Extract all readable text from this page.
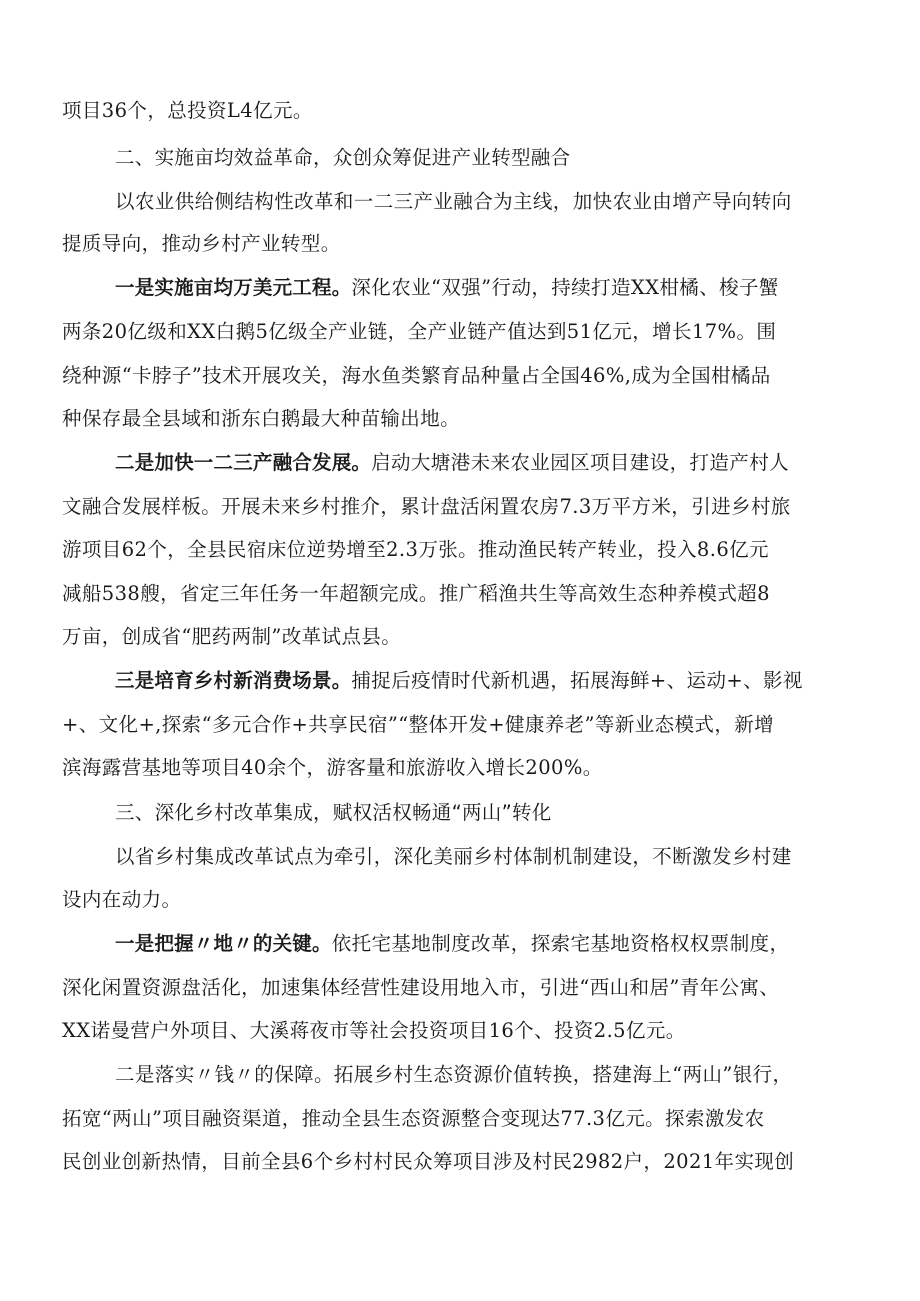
项目36个，总投资L4亿元。
二、实施亩均效益革命，众创众筹促进产业转型融合
以农业供给侧结构性改革和一二三产业融合为主线，加快农业由增产导向转向
提质导向，推动乡村产业转型。
一是实施亩均万美元工程。深化农业“双强”行动，持续打造XX柑橘、梭子蟹
两条20亿级和XX白鹅5亿级全产业链，全产业链产值达到51亿元，增长17%。围
绕种源“卡脖子”技术开展攻关，海水鱼类繁育品种量占全国46%,成为全国柑橘品
种保存最全县域和浙东白鹅最大种苗输出地。
二是加快一二三产融合发展。启动大塘港未来农业园区项目建设，打造产村人
文融合发展样板。开展未来乡村推介，累计盘活闲置农房7.3万平方米，引进乡村旅
游项目62个，全县民宿床位逆势增至2.3万张。推动渔民转产转业，投入8.6亿元
减船538艘，省定三年任务一年超额完成。推广稻渔共生等高效生态种养模式超8
万亩，创成省“肥药两制”改革试点县。
三是培育乡村新消费场景。捕捉后疫情时代新机遇，拓展海鲜+、运动+、影视
+、文化+,探索“多元合作+共享民宿”“整体开发+健康养老”等新业态模式，新增
滨海露营基地等项目40余个，游客量和旅游收入增长200%。
三、深化乡村改革集成，赋权活权畅通“两山”转化
以省乡村集成改革试点为牵引，深化美丽乡村体制机制建设，不断激发乡村建
设内在动力。
一是把握〃地〃的关键。依托宅基地制度改革，探索宅基地资格权权票制度，
深化闲置资源盘活化，加速集体经营性建设用地入市，引进“西山和居”青年公寓、
XX诺曼营户外项目、大溪蒋夜市等社会投资项目16个、投资2.5亿元。
二是落实〃钱〃的保障。拓展乡村生态资源价值转换，搭建海上“两山”银行，
拓宽“两山”项目融资渠道，推动全县生态资源整合变现达77.3亿元。探索激发农
民创业创新热情，目前全县6个乡村村民众筹项目涉及村民2982户，2021年实现创
